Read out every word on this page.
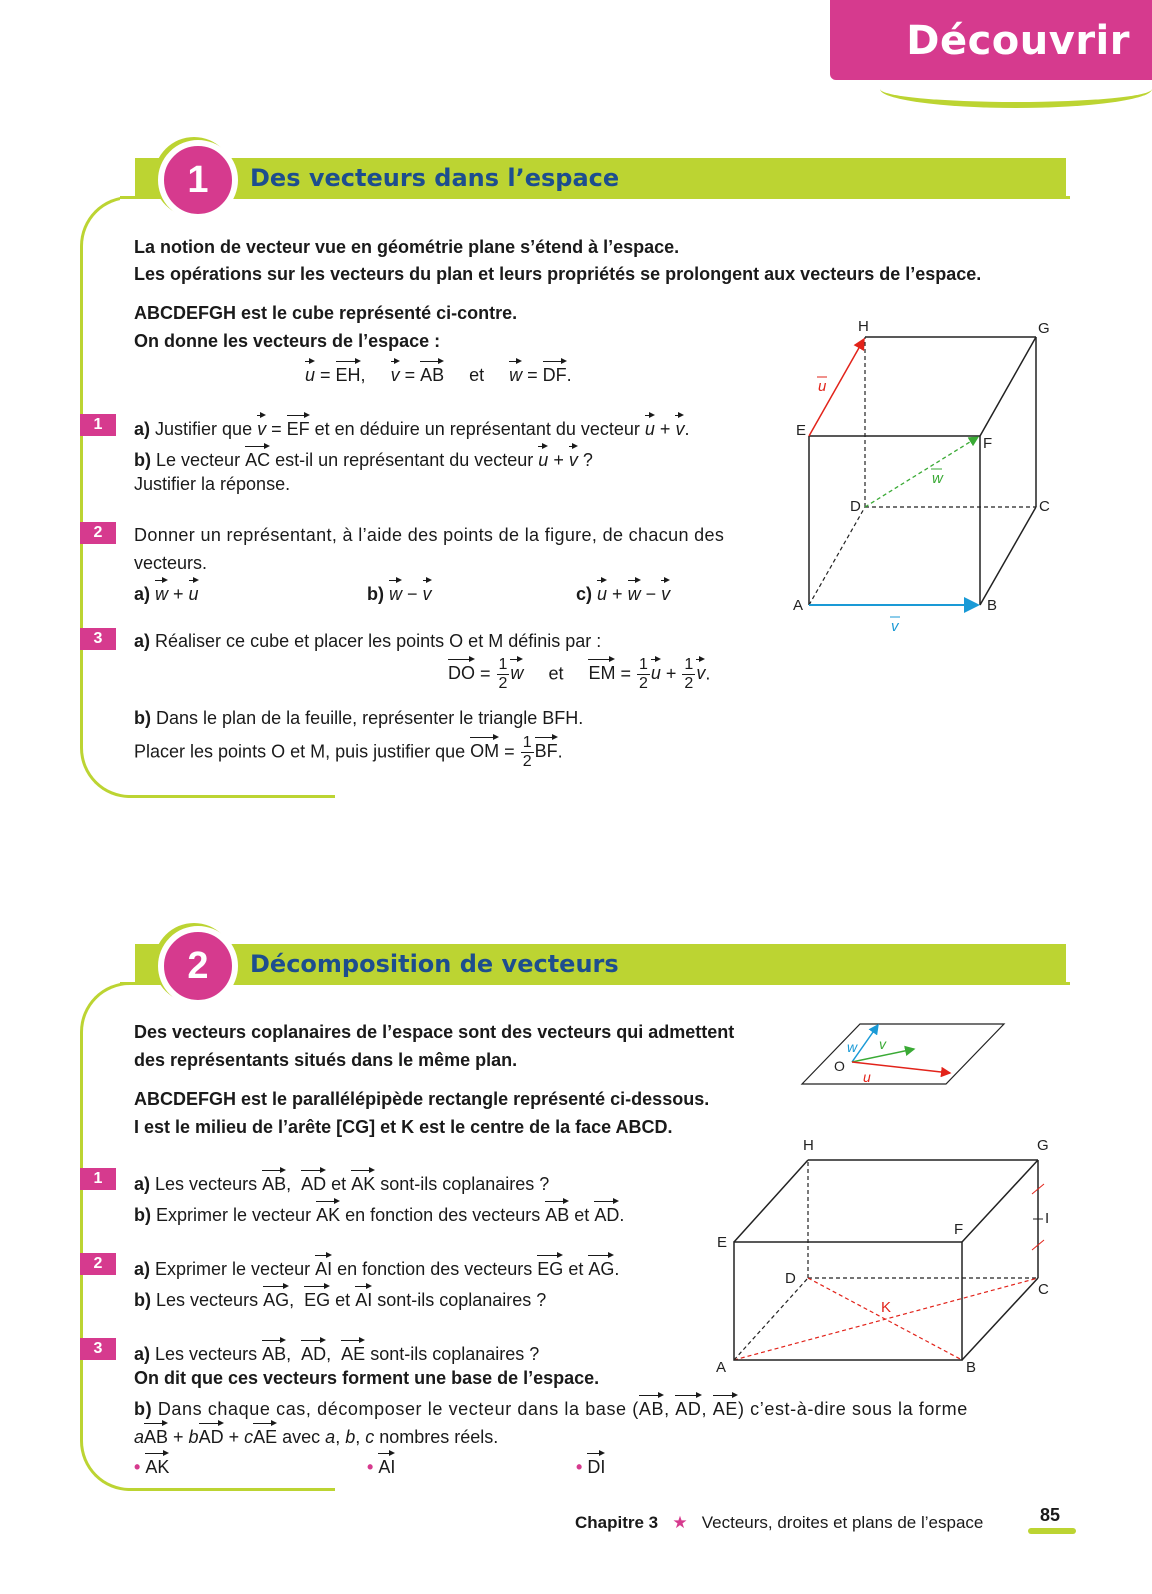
Découvrir
1	Des vecteurs dans l’espace
La notion de vecteur vue en géométrie plane s’étend à l’espace.
Les opérations sur les vecteurs du plan et leurs propriétés se prolongent aux vecteurs de l’espace.
ABCDEFGH est le cube représenté ci-contre.
On donne les vecteurs de l’espace :
u = EH,     v = AB et w = DF.
1	a) Justifier que v = EF et en déduire un représentant du vecteur u + v.
b) Le vecteur AC est-il un représentant du vecteur u + v ?
Justifier la réponse.
2	Donner un représentant, à l’aide des points de la figure, de chacun des
vecteurs.
a) w + u	b) w − v	c) u + w − v
3	a) Réaliser ce cube et placer les points O et M définis par :
DO = $\frac{1}{2}$ w et EM = $\frac{1}{2}$ $u + \frac{1}{2} v$.
b) Dans le plan de la feuille, représenter le triangle BFH.
Placer les points O et M, puis justifier que OM = $\frac{1}{2}$ BF.
H	G
E
F
D	C
A	B
u
v
w
2	Décomposition de vecteurs
Des vecteurs coplanaires de l’espace sont des vecteurs qui admettent
des représentants situés dans le même plan.
ABCDEFGH est le parallélépipède rectangle représenté ci-dessous.
I est le milieu de l’arête [CG] et K est le centre de la face ABCD.
1	a) Les vecteurs AB,  AD et AK sont-ils coplanaires ?
b) Exprimer le vecteur AK en fonction des vecteurs AB et AD.
2	a) Exprimer le vecteur AI en fonction des vecteurs EG et AG.
b) Les vecteurs AG,  EG et AI sont-ils coplanaires ?
3	a) Les vecteurs AB,  AD,  AE sont-ils coplanaires ?
On dit que ces vecteurs forment une base de l’espace.
b) Dans chaque cas, décomposer le vecteur dans la base (AB, AD, AE) c’est-à-dire sous la forme
aAB + bAD + cAE avec a, b, c nombres réels.
• AK	• AI	• DI
O
w v
u
H	G
E
F
I
D
C
K
A	B
Chapitre 3 ★ Vecteurs, droites et plans de l’espace	85
